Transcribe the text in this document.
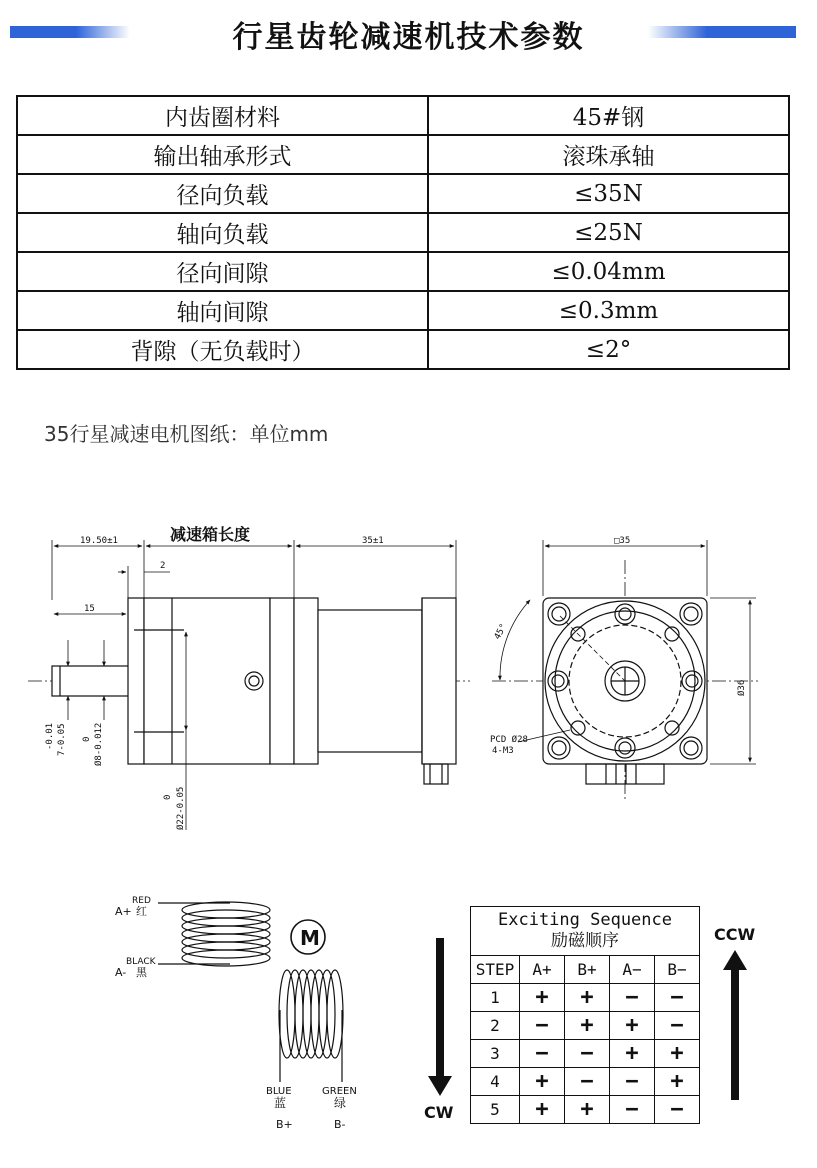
行星齿轮减速机技术参数
内齿圈材料	45#钢
输出轴承形式	滚珠承轴
径向负载	≤35N
轴向负载	≤25N
径向间隙	≤0.04mm
轴向间隙	≤0.3mm
背隙（无负载时）	≤2°
35行星减速电机图纸：单位mm
19.50±1	减速箱长度	35±1
2
15
-0.01 7-0.05 0 Ø8-0.012
0 Ø22-0.05
□35
45°
Ø36
PCD Ø28
4-M3
A+
RED
红
A-
BLACK
黑
M
BLUE
蓝
B+
GREEN
绿
B-
CCW
CW
Exciting Sequence
励磁顺序				

STEP	A+	B+	A−	B−
1	+	+	−	−
2	−	+	+	−
3	−	−	+	+
4	+	−	−	+
5	+	+	−	−
